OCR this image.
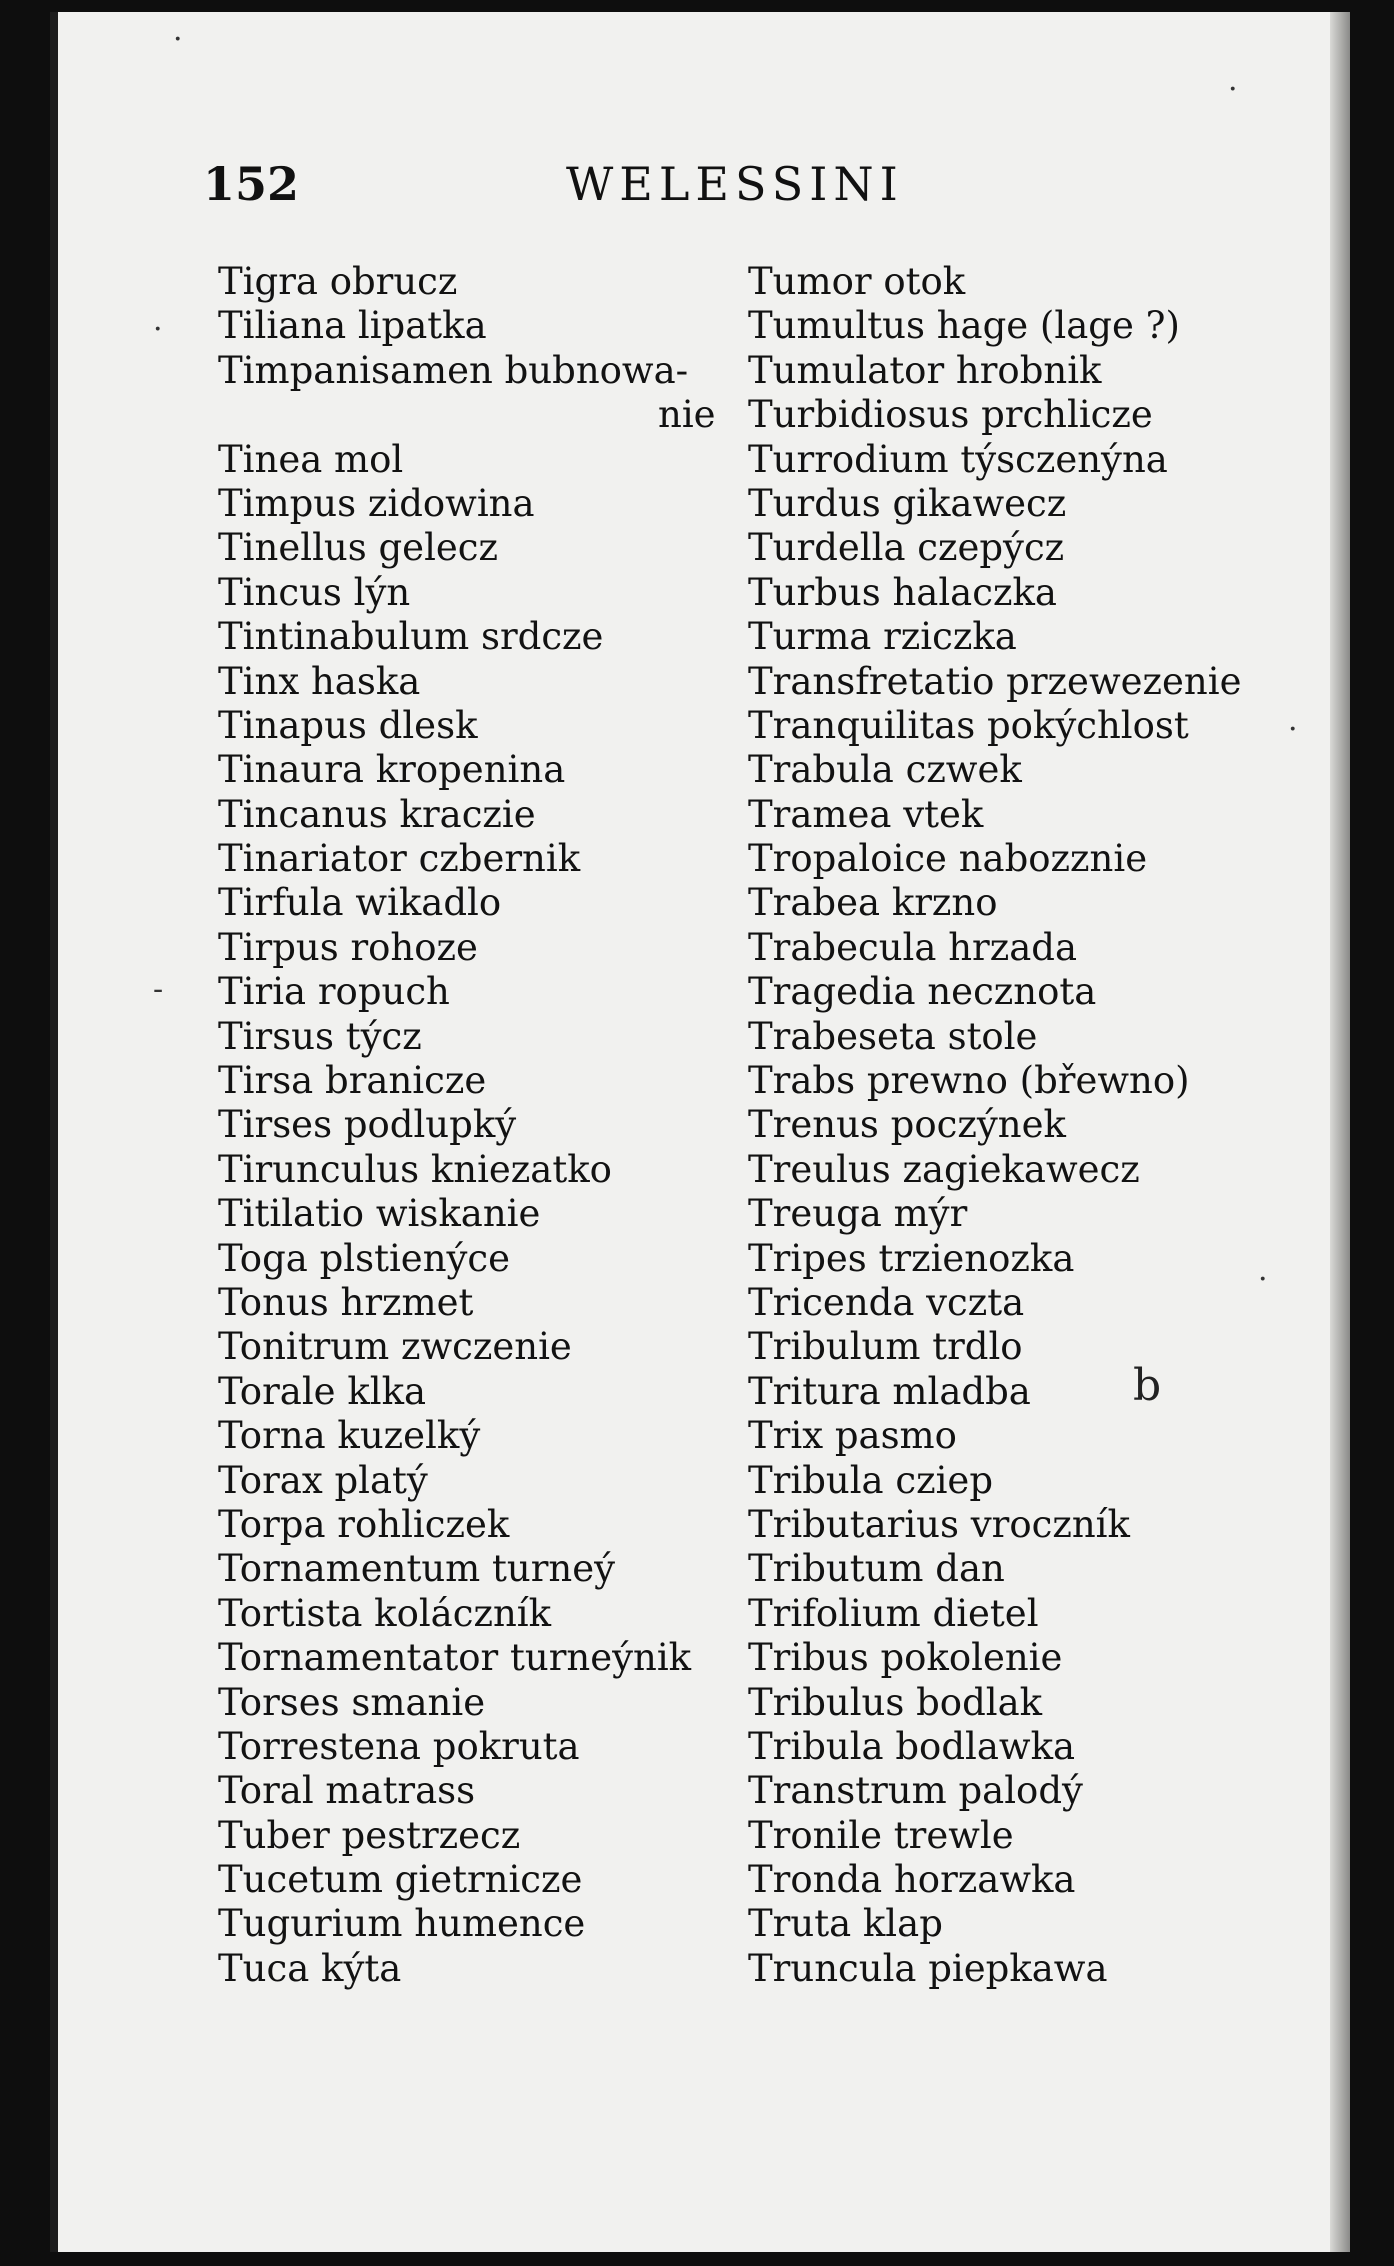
152	WELESSINI
Tigra obrucz
Tiliana lipatka
Timpanisamen bubnowa-
nie
Tinea mol
Timpus zidowina
Tinellus gelecz
Tincus lýn
Tintinabulum srdcze
Tinx haska
Tinapus dlesk
Tinaura kropenina
Tincanus kraczie
Tinariator czbernik
Tirfula wikadlo
Tirpus rohoze
Tiria ropuch
Tirsus týcz
Tirsa branicze
Tirses podlupký
Tirunculus kniezatko
Titilatio wiskanie
Toga plstienýce
Tonus hrzmet
Tonitrum zwczenie
Torale klka
Torna kuzelký
Torax platý
Torpa rohliczek
Tornamentum turneý
Tortista koláczník
Tornamentator turneýnik
Torses smanie
Torrestena pokruta
Toral matrass
Tuber pestrzecz
Tucetum gietrnicze
Tugurium humence
Tuca kýta
Tumor otok
Tumultus hage (lage ?)
Tumulator hrobnik
Turbidiosus prchlicze
Turrodium týsczenýna
Turdus gikawecz
Turdella czepýcz
Turbus halaczka
Turma rziczka
Transfretatio przewezenie
Tranquilitas pokýchlost
Trabula czwek
Tramea vtek
Tropaloice nabozznie
Trabea krzno
Trabecula hrzada
Tragedia necznota
Trabeseta stole
Trabs prewno (břewno)
Trenus poczýnek
Treulus zagiekawecz
Treuga mýr
Tripes trzienozka
Tricenda vczta
Tribulum trdlo
Tritura mladba
Trix pasmo
Tribula cziep
Tributarius vroczník
Tributum dan
Trifolium dietel
Tribus pokolenie
Tribulus bodlak
Tribula bodlawka
Transtrum palodý
Tronile trewle
Tronda horzawka
Truta klap
Truncula piepkawa
b
·
·
·
·
-
·
